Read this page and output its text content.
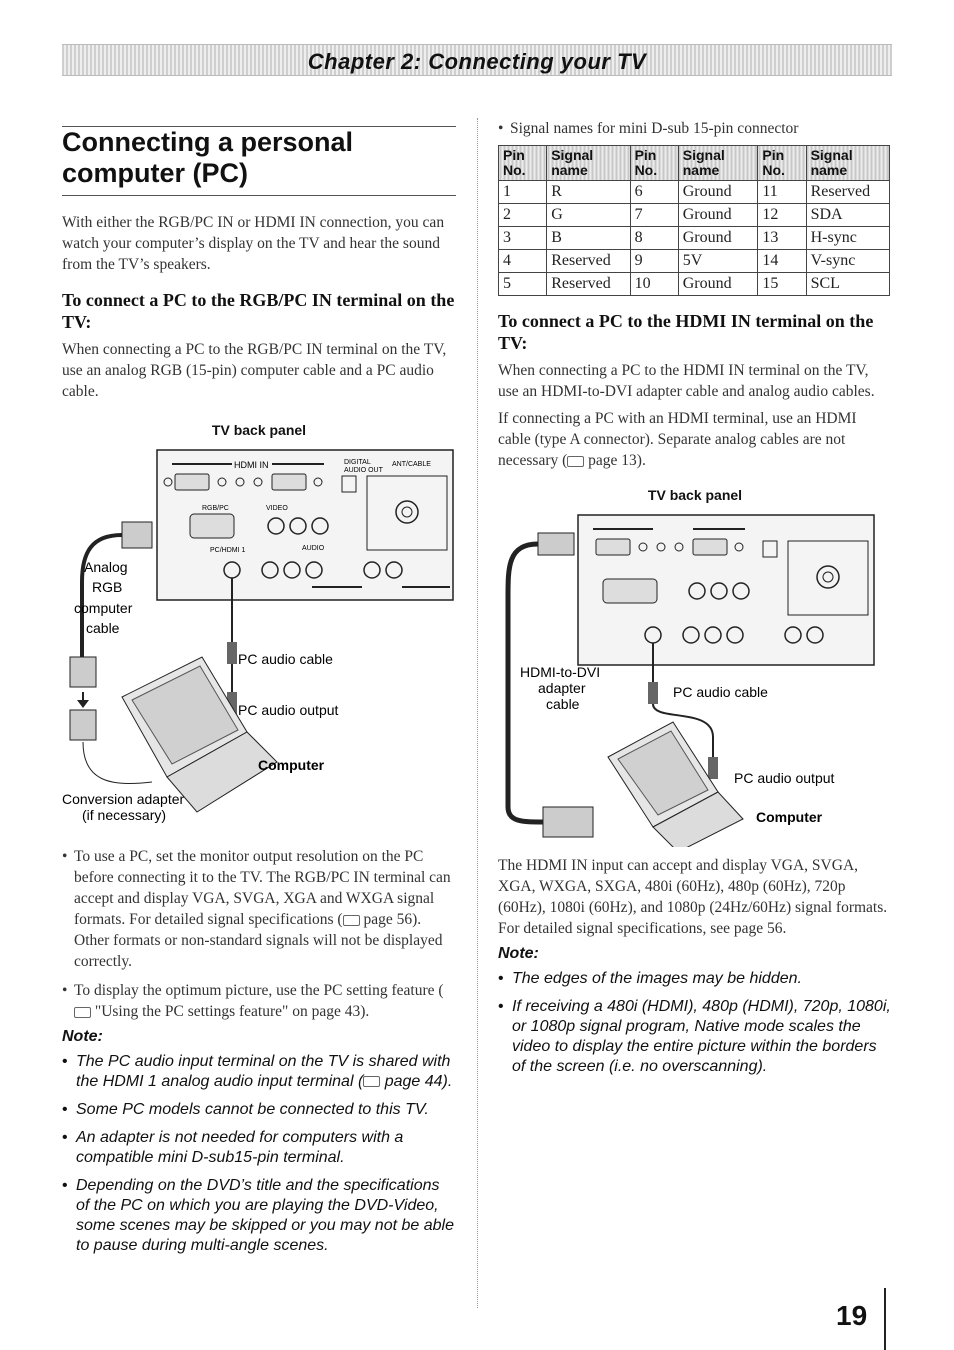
Chapter 2: Connecting your TV
Connecting a personal computer (PC)

With either the RGB/PC IN or HDMI IN connection, you can watch your computer’s display on the TV and hear the sound from the TV’s speakers.

To connect a PC to the RGB/PC IN terminal on the TV:

When connecting a PC to the RGB/PC IN terminal on the TV, use an analog RGB (15-pin) computer cable and a PC audio cable.

TV back panel
HDMI IN	DIGITAL
AUDIO OUT
ANT/CABLE
RGB/PC	VIDEO
PC/HDMI 1	AUDIO
Analog
RGB
computer
cable
PC audio cable
PC audio output
Computer
Conversion adapter
(if necessary)
• To use a PC, set the monitor output resolution on the PC before connecting it to the TV. The RGB/PC IN terminal can accept and display VGA, SVGA, XGA and WXGA signal formats. For detailed signal specifications ( page 56). Other formats or non-standard signals will not be displayed correctly.
• To display the optimum picture, use the PC setting feature ( "Using the PC settings feature" on page 43).
Note:
• The PC audio input terminal on the TV is shared with the HDMI 1 analog audio input terminal ( page 44).
• Some PC models cannot be connected to this TV.
• An adapter is not needed for computers with a compatible mini D-sub15-pin terminal.
• Depending on the DVD’s title and the specifications of the PC on which you are playing the DVD-Video, some scenes may be skipped or you may not be able to pause during multi-angle scenes.
• Signal names for mini D-sub 15-pin connector
Pin No.	Signal name	Pin No.	Signal name	Pin No.	Signal name
1	R	6	Ground	11	Reserved
2	G	7	Ground	12	SDA
3	B	8	Ground	13	H-sync
4	Reserved	9	5V	14	V-sync
5	Reserved	10	Ground	15	SCL
To connect a PC to the HDMI IN terminal on the TV:

When connecting a PC to the HDMI IN terminal on the TV, use an HDMI-to-DVI adapter cable and analog audio cables.

If connecting a PC with an HDMI terminal, use an HDMI cable (type A connector). Separate analog cables are not necessary ( page 13).

TV back panel
HDMI-to-DVI
adapter
cable
PC audio cable
PC audio output
Computer

The HDMI IN input can accept and display VGA, SVGA, XGA, WXGA, SXGA, 480i (60Hz), 480p (60Hz), 720p (60Hz), 1080i (60Hz), and 1080p (24Hz/60Hz) signal formats. For detailed signal specifications, see page 56.

Note:
• The edges of the images may be hidden.
• If receiving a 480i (HDMI), 480p (HDMI), 720p, 1080i, or 1080p signal program, Native mode scales the video to display the entire picture within the borders of the screen (i.e. no overscanning).
19
